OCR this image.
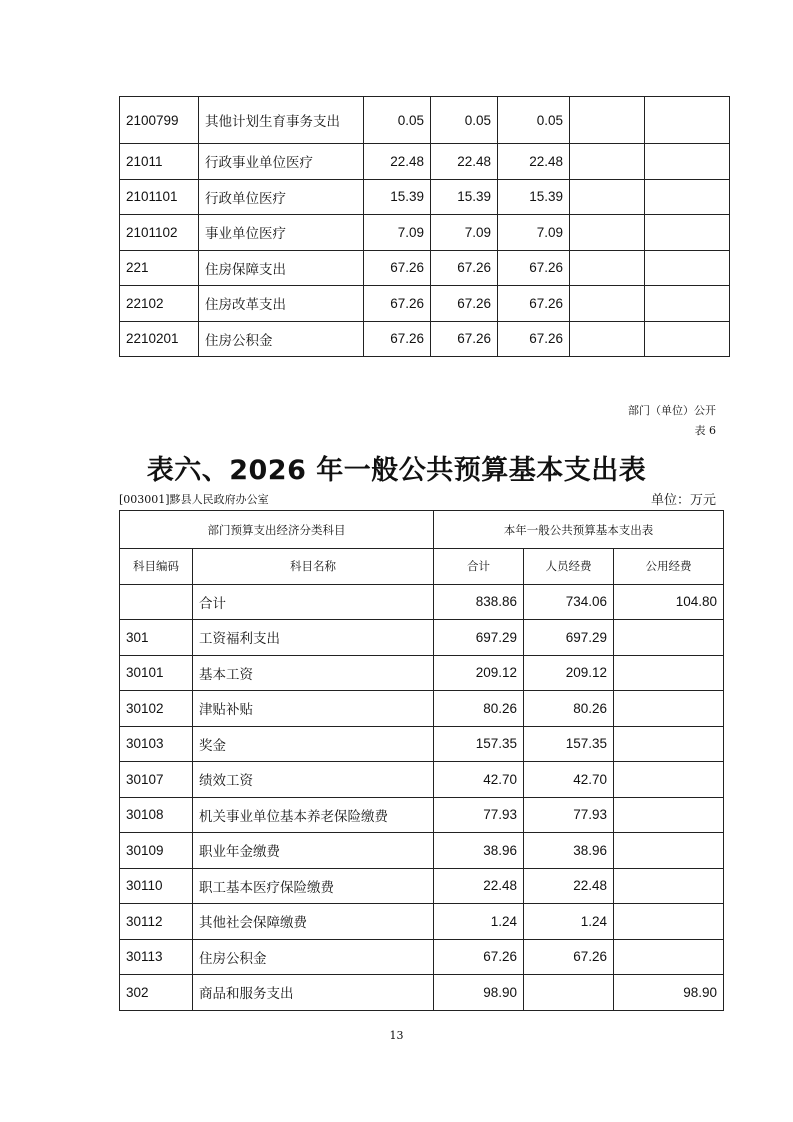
2100799	其他计划生育事务支出	0.05	0.05	0.05		
21011	行政事业单位医疗	22.48	22.48	22.48		
2101101	行政单位医疗	15.39	15.39	15.39		
2101102	事业单位医疗	7.09	7.09	7.09		
221	住房保障支出	67.26	67.26	67.26		
22102	住房改革支出	67.26	67.26	67.26		
2210201	住房公积金	67.26	67.26	67.26		
部门（单位）公开
表 6
表六、2026 年一般公共预算基本支出表
[003001]黟县人民政府办公室	单位：万元
部门预算支出经济分类科目		本年一般公共预算基本支出表		
科目编码	科目名称	合计	人员经费	公用经费
	合计	838.86	734.06	104.80
301	工资福利支出	697.29	697.29	
30101	基本工资	209.12	209.12	
30102	津贴补贴	80.26	80.26	
30103	奖金	157.35	157.35	
30107	绩效工资	42.70	42.70	
30108	机关事业单位基本养老保险缴费	77.93	77.93	
30109	职业年金缴费	38.96	38.96	
30110	职工基本医疗保险缴费	22.48	22.48	
30112	其他社会保障缴费	1.24	1.24	
30113	住房公积金	67.26	67.26	
302	商品和服务支出	98.90		98.90
13
